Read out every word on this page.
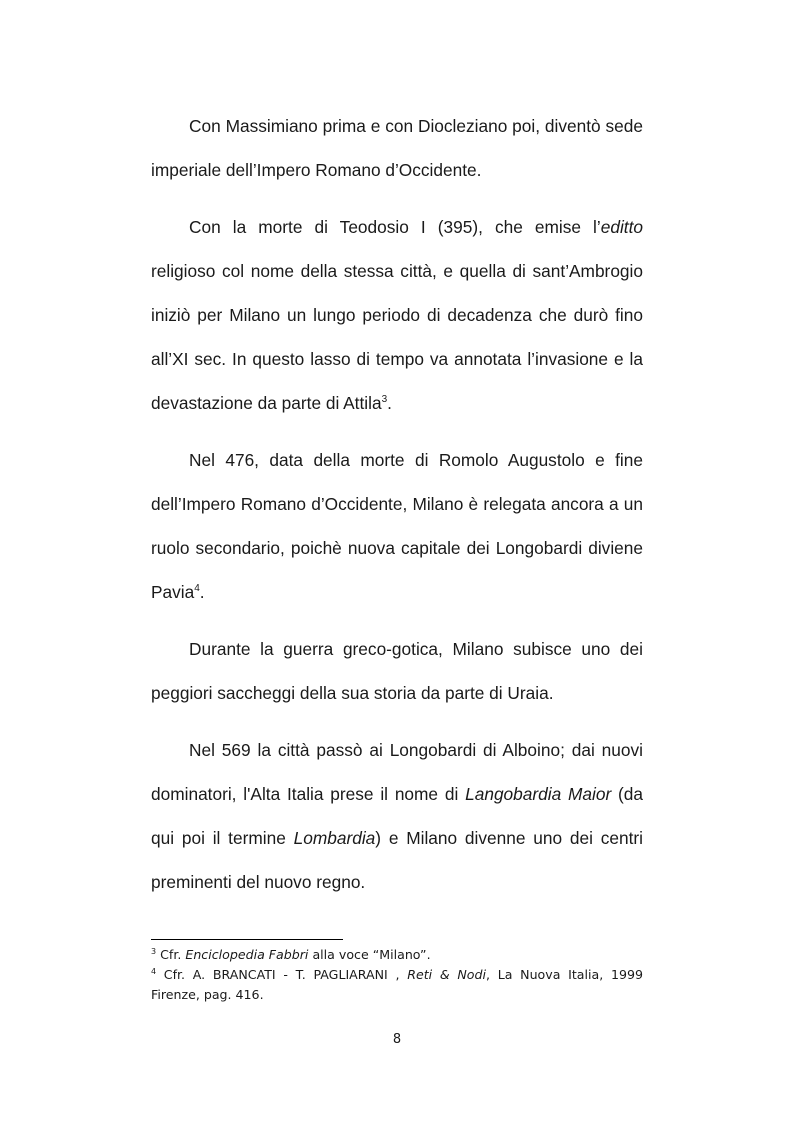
Con Massimiano prima e con Diocleziano poi, diventò sede imperiale dell’Impero Romano d’Occidente.

Con la morte di Teodosio I (395), che emise l’editto religioso col nome della stessa città, e quella di sant’Ambrogio iniziò per Milano un lungo periodo di decadenza che durò fino all’XI sec. In questo lasso di tempo va annotata l’invasione e la devastazione da parte di Attila$^3$.

Nel 476, data della morte di Romolo Augustolo e fine dell’Impero Romano d’Occidente, Milano è relegata ancora a un ruolo secondario, poichè nuova capitale dei Longobardi diviene Pavia$^4$.

Durante la guerra greco-gotica, Milano subisce uno dei peggiori saccheggi della sua storia da parte di Uraia.

Nel 569 la città passò ai Longobardi di Alboino; dai nuovi dominatori, l'Alta Italia prese il nome di Langobardia Maior (da qui poi il termine Lombardia) e Milano divenne uno dei centri preminenti del nuovo regno.

$^3$ Cfr. Enciclopedia Fabbri alla voce “Milano”.
$^4$ Cfr. A. BRANCATI - T. PAGLIARANI , Reti & Nodi, La Nuova Italia, 1999 Firenze, pag. 416.
8
